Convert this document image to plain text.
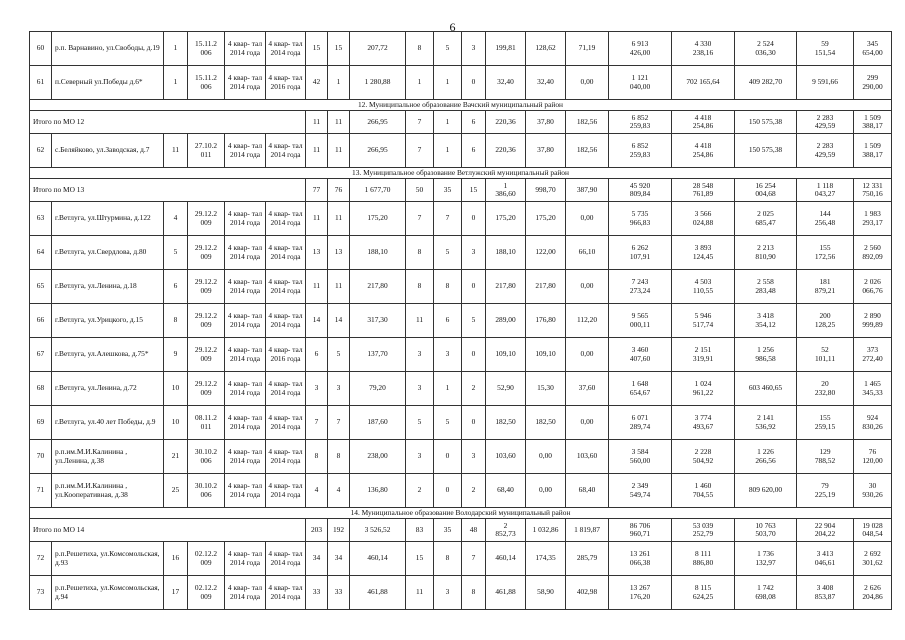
6
60	р.п. Варнавино, ул.Свободы, д.19	1	15.11.2 006	4 квар- тал 2014 года	4 квар- тал 2014 года	15	15	207,72	8	5	3	199,81	128,62	71,19	6 913
426,00	4 330
238,16	2 524
036,30	59
151,54	345
654,00
61	п.Северный ул.Победы д.6*	1	15.11.2 006	4 квар- тал 2014 года	4 квар- тал 2016 года	42	1	1 280,88	1	1	0	32,40	32,40	0,00	1 121
040,00	702 165,64	409 282,70	9 591,66	299
290,00
12. Муниципальное образование Вачский муниципальный район																			
Итого по МО 12						11	11	266,95	7	1	6	220,36	37,80	182,56	6 852
259,83	4 418
254,86	150 575,38	2 283
429,59	1 509
388,17
62	с.Беляйково, ул.Заводская, д.7	11	27.10.2 011	4 квар- тал 2014 года	4 квар- тал 2014 года	11	11	266,95	7	1	6	220,36	37,80	182,56	6 852
259,83	4 418
254,86	150 575,38	2 283
429,59	1 509
388,17
13. Муниципальное образование Ветлужский муниципальный район																			
Итого по МО 13						77	76	1 677,70	50	35	15	1
386,60	998,70	387,90	45 920
809,84	28 548
761,89	16 254
004,68	1 118
043,27	12 331
750,16
63	г.Ветлуга, ул.Штурмина, д.122	4	29.12.2 009	4 квар- тал 2014 года	4 квар- тал 2014 года	11	11	175,20	7	7	0	175,20	175,20	0,00	5 735
966,83	3 566
024,88	2 025
685,47	144
256,48	1 983
293,17
64	г.Ветлуга, ул.Свердлова, д.80	5	29.12.2 009	4 квар- тал 2014 года	4 квар- тал 2014 года	13	13	188,10	8	5	3	188,10	122,00	66,10	6 262
107,91	3 893
124,45	2 213
810,90	155
172,56	2 560
892,09
65	г.Ветлуга, ул.Ленина, д.18	6	29.12.2 009	4 квар- тал 2014 года	4 квар- тал 2014 года	11	11	217,80	8	8	0	217,80	217,80	0,00	7 243
273,24	4 503
110,55	2 558
283,48	181
879,21	2 026
066,76
66	г.Ветлуга, ул.Урицкого, д.15	8	29.12.2 009	4 квар- тал 2014 года	4 квар- тал 2014 года	14	14	317,30	11	6	5	289,00	176,80	112,20	9 565
000,11	5 946
517,74	3 418
354,12	200
128,25	2 890
999,89
67	г.Ветлуга, ул.Алешкова, д.75*	9	29.12.2 009	4 квар- тал 2014 года	4 квар- тал 2016 года	6	5	137,70	3	3	0	109,10	109,10	0,00	3 460
407,60	2 151
319,91	1 256
986,58	52
101,11	373
272,40
68	г.Ветлуга, ул.Ленина, д.72	10	29.12.2 009	4 квар- тал 2014 года	4 квар- тал 2014 года	3	3	79,20	3	1	2	52,90	15,30	37,60	1 648
654,67	1 024
961,22	603 460,65	20
232,80	1 465
345,33
69	г.Ветлуга, ул.40 лет Победы, д.9	10	08.11.2 011	4 квар- тал 2014 года	4 квар- тал 2014 года	7	7	187,60	5	5	0	182,50	182,50	0,00	6 071
289,74	3 774
493,67	2 141
536,92	155
259,15	924
830,26
70	р.п.им.М.И.Калинина , ул.Ленина, д.38	21	30.10.2 006	4 квар- тал 2014 года	4 квар- тал 2014 года	8	8	238,00	3	0	3	103,60	0,00	103,60	3 584
560,00	2 228
504,92	1 226
266,56	129
788,52	76
120,00
71	р.п.им.М.И.Калинина , ул.Кооперативная, д.38	25	30.10.2 006	4 квар- тал 2014 года	4 квар- тал 2014 года	4	4	136,80	2	0	2	68,40	0,00	68,40	2 349
549,74	1 460
704,55	809 620,00	79
225,19	30
930,26
14. Муниципальное образование Володарский муниципальный район																			
Итого по МО 14						203	192	3 526,52	83	35	48	2
852,73	1 032,86	1 819,87	86 706
960,71	53 039
252,79	10 763
503,70	22 904
204,22	19 028
048,54
72	р.п.Решетиха, ул.Комсомольская, д.93	16	02.12.2 009	4 квар- тал 2014 года	4 квар- тал 2014 года	34	34	460,14	15	8	7	460,14	174,35	285,79	13 261
066,38	8 111
886,80	1 736
132,97	3 413
046,61	2 692
301,62
73	р.п.Решетиха, ул.Комсомольская, д.94	17	02.12.2 009	4 квар- тал 2014 года	4 квар- тал 2014 года	33	33	461,88	11	3	8	461,88	58,90	402,98	13 267
176,20	8 115
624,25	1 742
698,08	3 408
853,87	2 626
204,86
